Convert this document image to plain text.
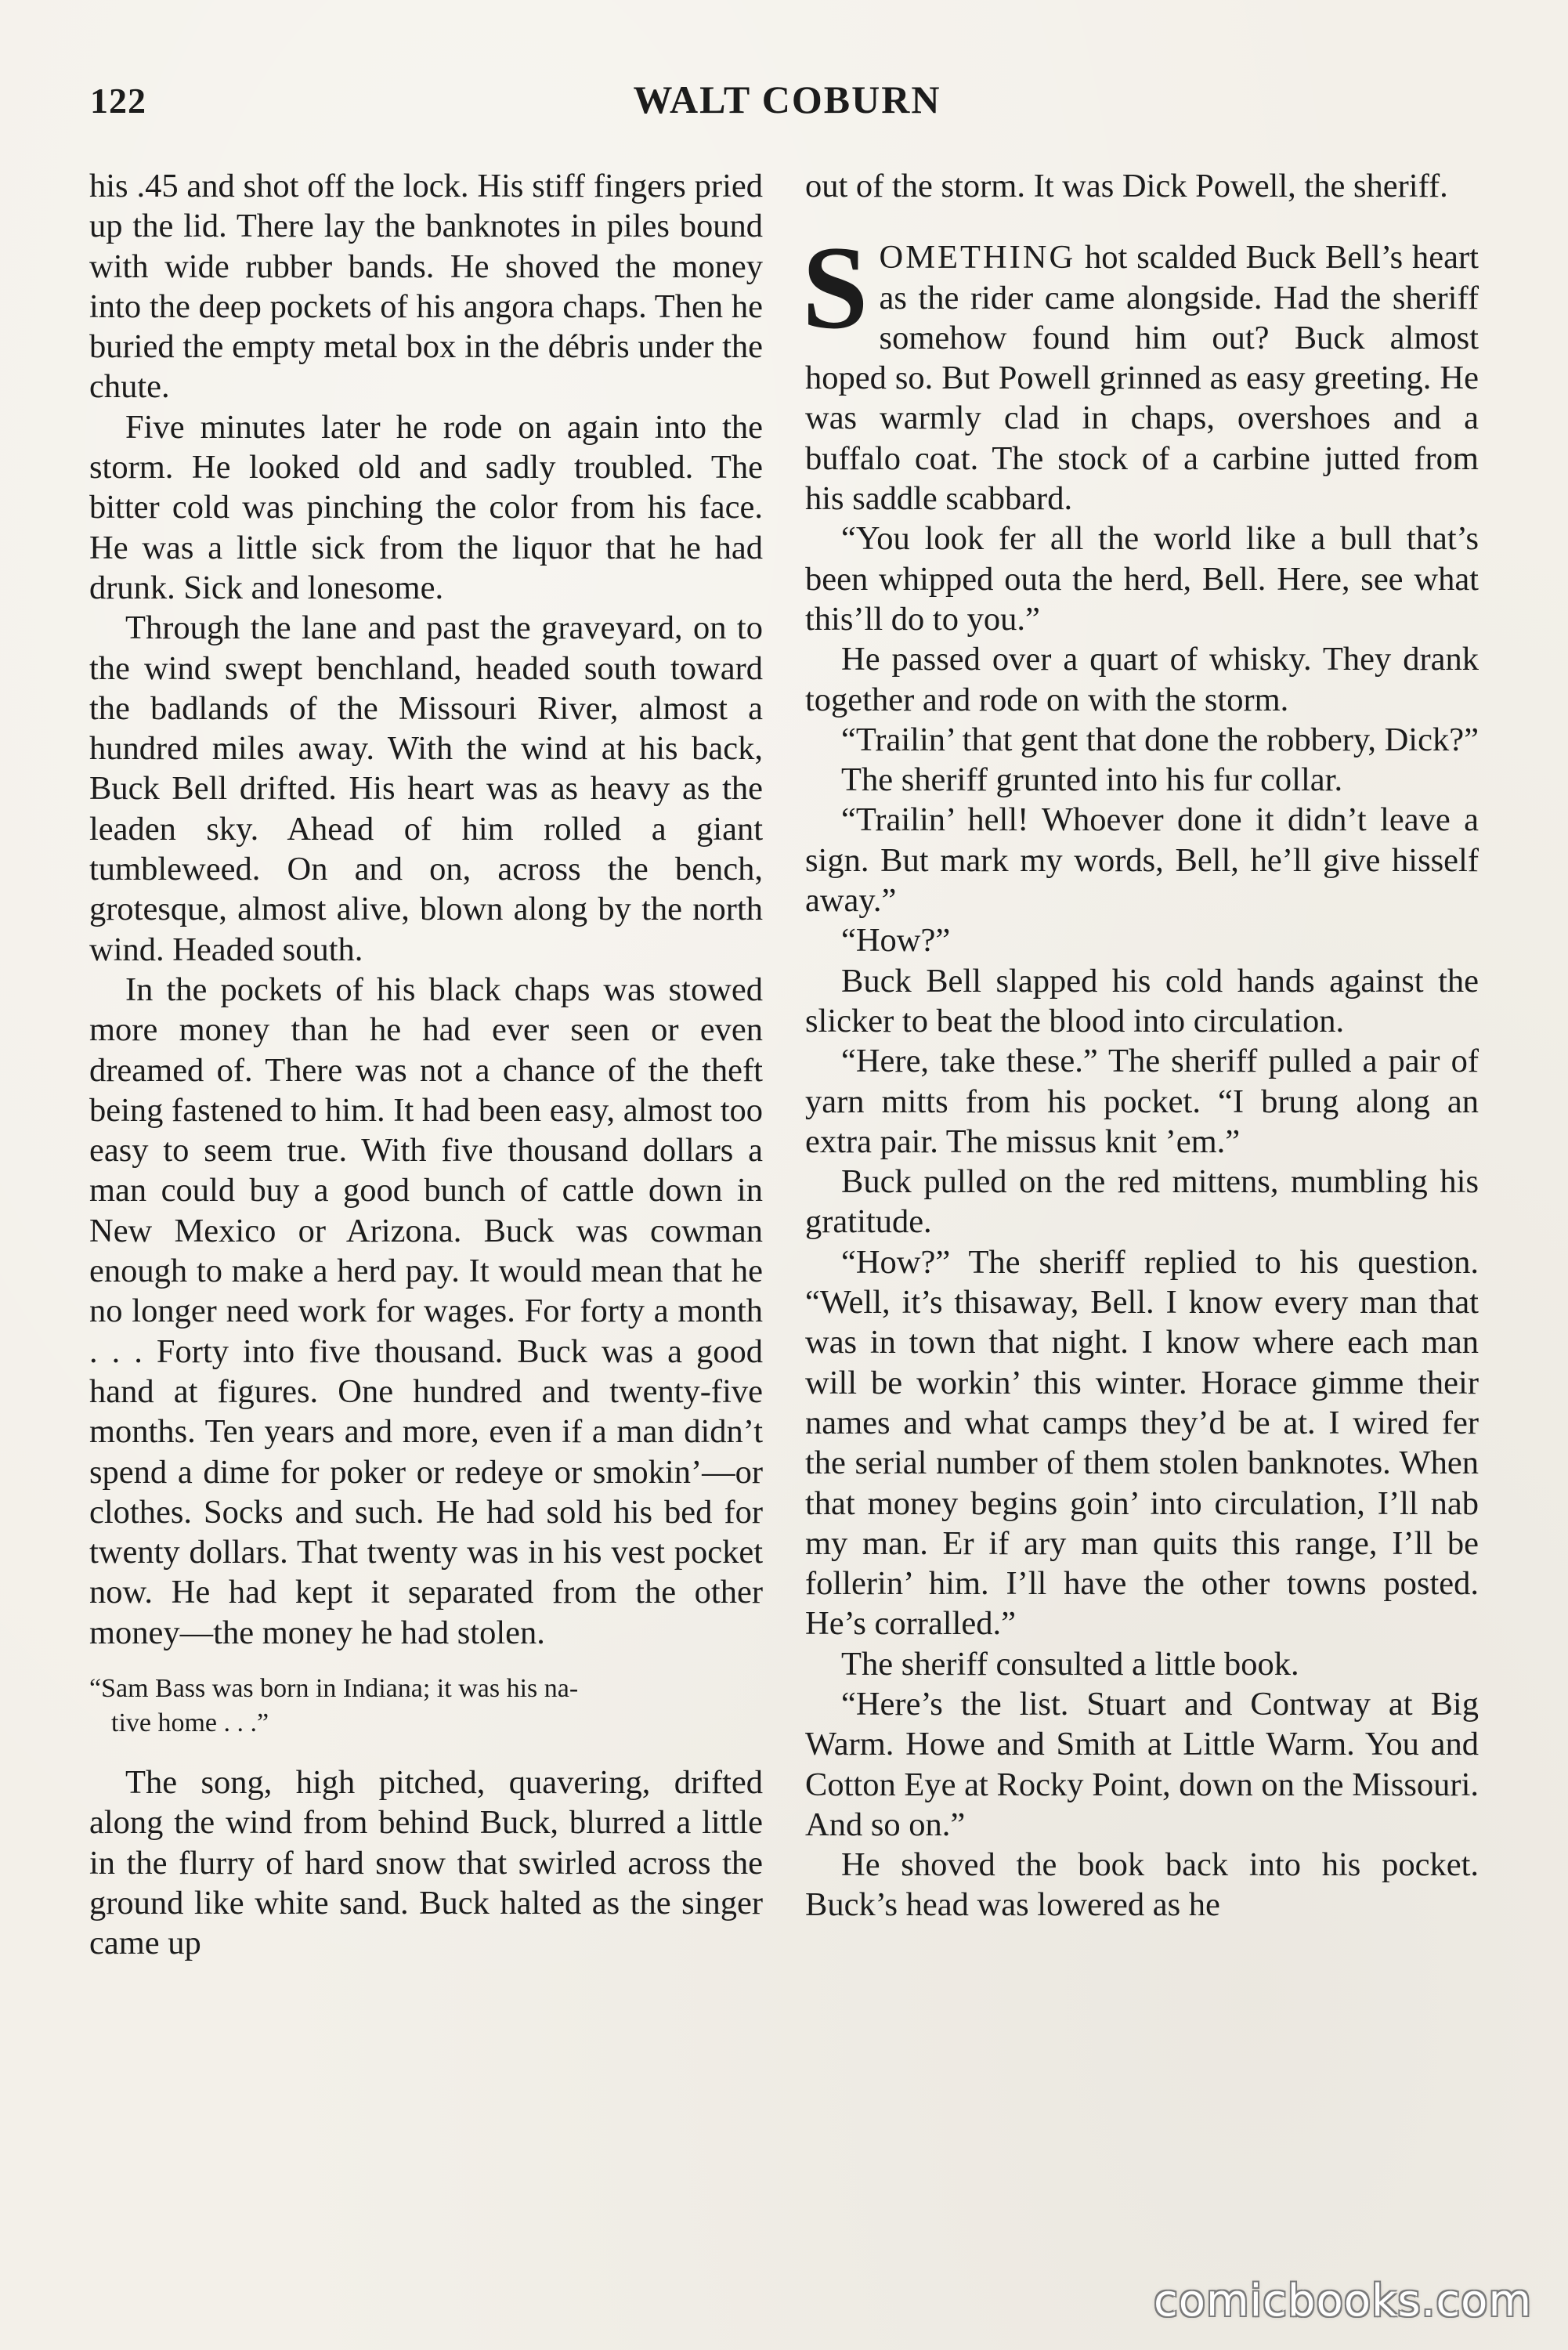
122	WALT COBURN

his .45 and shot off the lock. His stiff fingers pried up the lid. There lay the banknotes in piles bound with wide rubber bands. He shoved the money into the deep pockets of his angora chaps. Then he buried the empty metal box in the débris under the chute.

Five minutes later he rode on again into the storm. He looked old and sadly troubled. The bitter cold was pinching the color from his face. He was a little sick from the liquor that he had drunk. Sick and lonesome.

Through the lane and past the graveyard, on to the wind swept benchland, headed south toward the badlands of the Missouri River, almost a hundred miles away. With the wind at his back, Buck Bell drifted. His heart was as heavy as the leaden sky. Ahead of him rolled a giant tumbleweed. On and on, across the bench, grotesque, almost alive, blown along by the north wind. Headed south.

In the pockets of his black chaps was stowed more money than he had ever seen or even dreamed of. There was not a chance of the theft being fastened to him. It had been easy, almost too easy to seem true. With five thousand dollars a man could buy a good bunch of cattle down in New Mexico or Arizona. Buck was cowman enough to make a herd pay. It would mean that he no longer need work for wages. For forty a month . . . Forty into five thousand. Buck was a good hand at figures. One hundred and twenty-five months. Ten years and more, even if a man didn’t spend a dime for poker or redeye or smokin’—or clothes. Socks and such. He had sold his bed for twenty dollars. That twenty was in his vest pocket now. He had kept it separated from the other money—the money he had stolen.

“Sam Bass was born in Indiana; it was his na-

tive home . . .”

The song, high pitched, quavering, drifted along the wind from behind Buck, blurred a little in the flurry of hard snow that swirled across the ground like white sand. Buck halted as the singer came up

out of the storm. It was Dick Powell, the sheriff.

SOMETHING hot scalded Buck Bell’s heart as the rider came alongside. Had the sheriff somehow found him out? Buck almost hoped so. But Powell grinned as easy greeting. He was warmly clad in chaps, overshoes and a buffalo coat. The stock of a carbine jutted from his saddle scabbard.

“You look fer all the world like a bull that’s been whipped outa the herd, Bell. Here, see what this’ll do to you.”

He passed over a quart of whisky. They drank together and rode on with the storm.

“Trailin’ that gent that done the robbery, Dick?”

The sheriff grunted into his fur collar.

“Trailin’ hell! Whoever done it didn’t leave a sign. But mark my words, Bell, he’ll give hisself away.”

“How?”

Buck Bell slapped his cold hands against the slicker to beat the blood into circulation.

“Here, take these.” The sheriff pulled a pair of yarn mitts from his pocket. “I brung along an extra pair. The missus knit ’em.”

Buck pulled on the red mittens, mumbling his gratitude.

“How?” The sheriff replied to his question. “Well, it’s thisaway, Bell. I know every man that was in town that night. I know where each man will be workin’ this winter. Horace gimme their names and what camps they’d be at. I wired fer the serial number of them stolen banknotes. When that money begins goin’ into circulation, I’ll nab my man. Er if ary man quits this range, I’ll be follerin’ him. I’ll have the other towns posted. He’s corralled.”

The sheriff consulted a little book.

“Here’s the list. Stuart and Contway at Big Warm. Howe and Smith at Little Warm. You and Cotton Eye at Rocky Point, down on the Missouri. And so on.”

He shoved the book back into his pocket. Buck’s head was lowered as he

comicbooks.com
